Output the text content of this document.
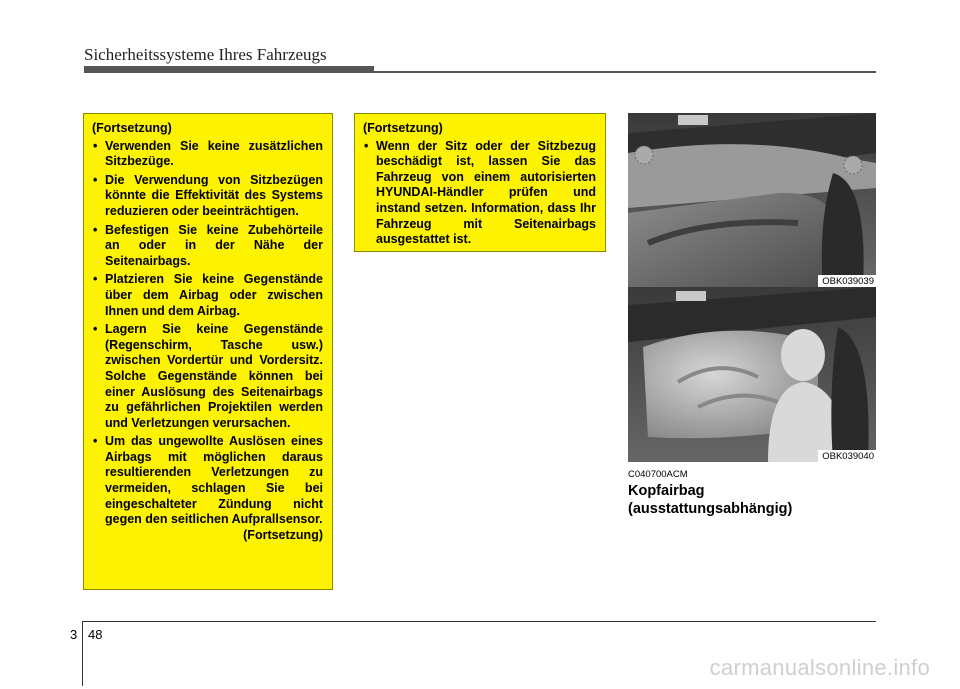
Sicherheitssysteme Ihres Fahrzeugs
(Fortsetzung)
• Verwenden Sie keine zusätzlichen Sitzbezüge.
• Die Verwendung von Sitzbezügen könnte die Effektivität des Systems reduzieren oder beeinträchtigen.
• Befestigen Sie keine Zubehörteile an oder in der Nähe der Seitenairbags.
• Platzieren Sie keine Gegenstände über dem Airbag oder zwischen Ihnen und dem Airbag.
• Lagern Sie keine Gegenstände (Regenschirm, Tasche usw.) zwischen Vordertür und Vordersitz. Solche Gegenstände können bei einer Auslösung des Seitenairbags zu gefährlichen Projektilen werden und Verletzungen verursachen.
• Um das ungewollte Auslösen eines Airbags mit möglichen daraus resultierenden Verletzungen zu vermeiden, schlagen Sie bei eingeschalteter Zündung nicht gegen den seitlichen Aufprallsensor.
(Fortsetzung)
(Fortsetzung)
• Wenn der Sitz oder der Sitzbezug beschädigt ist, lassen Sie das Fahrzeug von einem autorisierten HYUNDAI-Händler prüfen und instand setzen. Information, dass Ihr Fahrzeug mit Seitenairbags ausgestattet ist.
OBK039039
OBK039040
C040700ACM
Kopfairbag
(ausstattungsabhängig)
3 48
carmanualsonline.info
